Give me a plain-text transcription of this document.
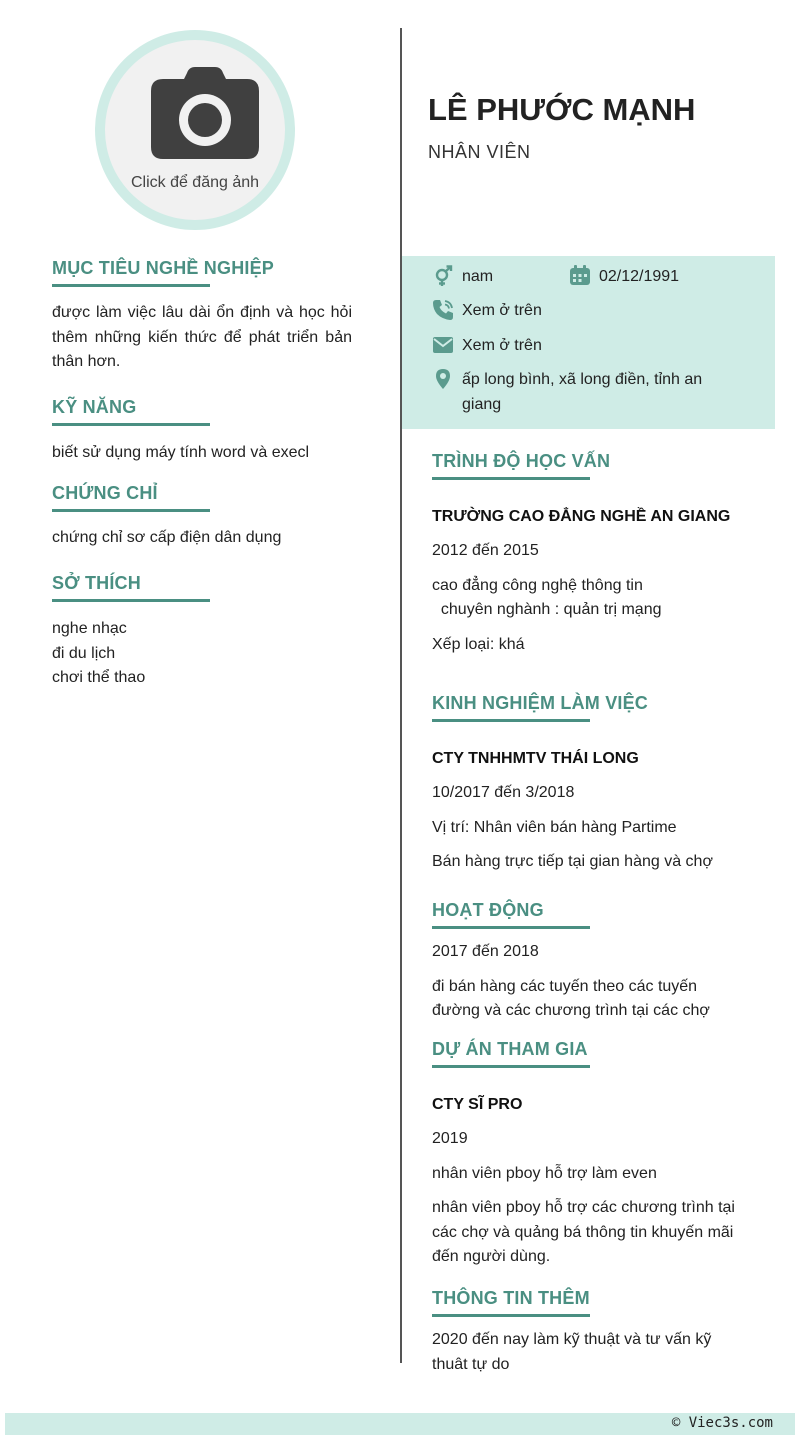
Click để đăng ảnh
MỤC TIÊU NGHỀ NGHIỆP
được làm việc lâu dài ổn định và học hỏi thêm những kiến thức để phát triển bản thân hơn.
KỸ NĂNG
biết sử dụng máy tính word và execl
CHỨNG CHỈ
chứng chỉ sơ cấp điện dân dụng
SỞ THÍCH
nghe nhạc
đi du lịch
chơi thể thao
LÊ PHƯỚC MẠNH
NHÂN VIÊN
nam	02/12/1991
Xem ở trên
Xem ở trên
ấp long bình, xã long điền, tỉnh an giang
TRÌNH ĐỘ HỌC VẤN
TRƯỜNG CAO ĐẲNG NGHỀ AN GIANG
2012 đến 2015
cao đẳng công nghệ thông tin
chuyên nghành : quản trị mạng
Xếp loại: khá
KINH NGHIỆM LÀM VIỆC
CTY TNHHMTV THÁI LONG
10/2017 đến 3/2018
Vị trí: Nhân viên bán hàng Partime
Bán hàng trực tiếp tại gian hàng và chợ
HOẠT ĐỘNG
2017 đến 2018
đi bán hàng các tuyến theo các tuyến đường và các chương trình tại các chợ
DỰ ÁN THAM GIA
CTY SĨ PRO
2019
nhân viên pboy hỗ trợ làm even
nhân viên pboy hỗ trợ các chương trình tại các chợ và quảng bá thông tin khuyến mãi đến người dùng.
THÔNG TIN THÊM
2020 đến nay làm kỹ thuật và tư vấn kỹ thuât tự do
© Viec3s.com
